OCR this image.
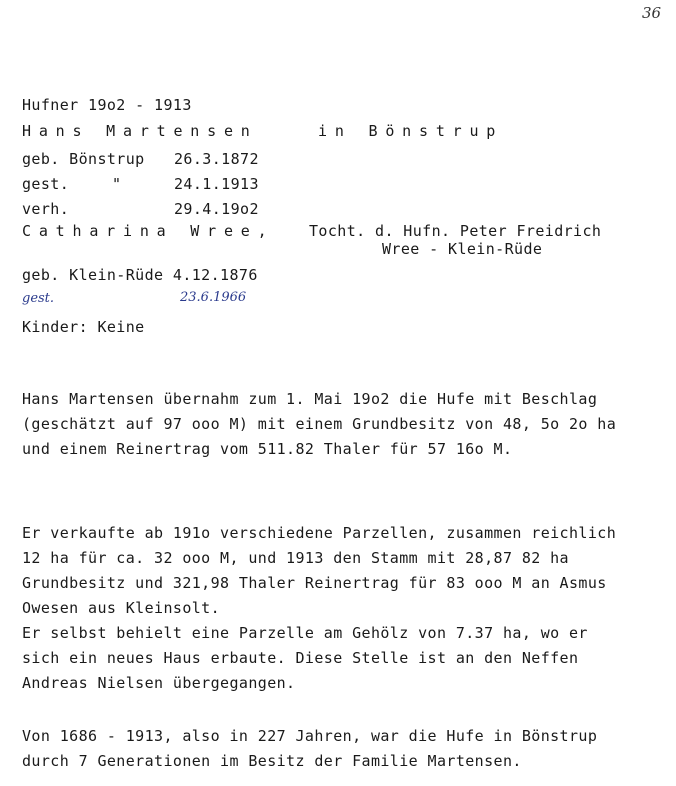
36
Hufner 19o2 - 1913
Hans Martensen	in Bönstrup
geb. Bönstrup 26.3.1872
gest.	"	24.1.1913
verh.	29.4.19o2
Catharina Wree, Tocht. d. Hufn. Peter Freidrich
Wree - Klein-Rüde
geb. Klein-Rüde 4.12.1876
gest.	23.6.1966
Kinder: Keine
Hans Martensen übernahm zum 1. Mai 19o2 die Hufe mit Beschlag
(geschätzt auf 97 ooo M) mit einem Grundbesitz von 48, 5o 2o ha
und einem Reinertrag vom 511.82 Thaler für 57 16o M.
Er verkaufte ab 191o verschiedene Parzellen, zusammen reichlich
12 ha für ca. 32 ooo M, und 1913 den Stamm mit 28,87 82 ha
Grundbesitz und 321,98 Thaler Reinertrag für 83 ooo M an Asmus
Owesen aus Kleinsolt.
Er selbst behielt eine Parzelle am Gehölz von 7.37 ha, wo er
sich ein neues Haus erbaute. Diese Stelle ist an den Neffen
Andreas Nielsen übergegangen.
Von 1686 - 1913, also in 227 Jahren, war die Hufe in Bönstrup
durch 7 Generationen im Besitz der Familie Martensen.
